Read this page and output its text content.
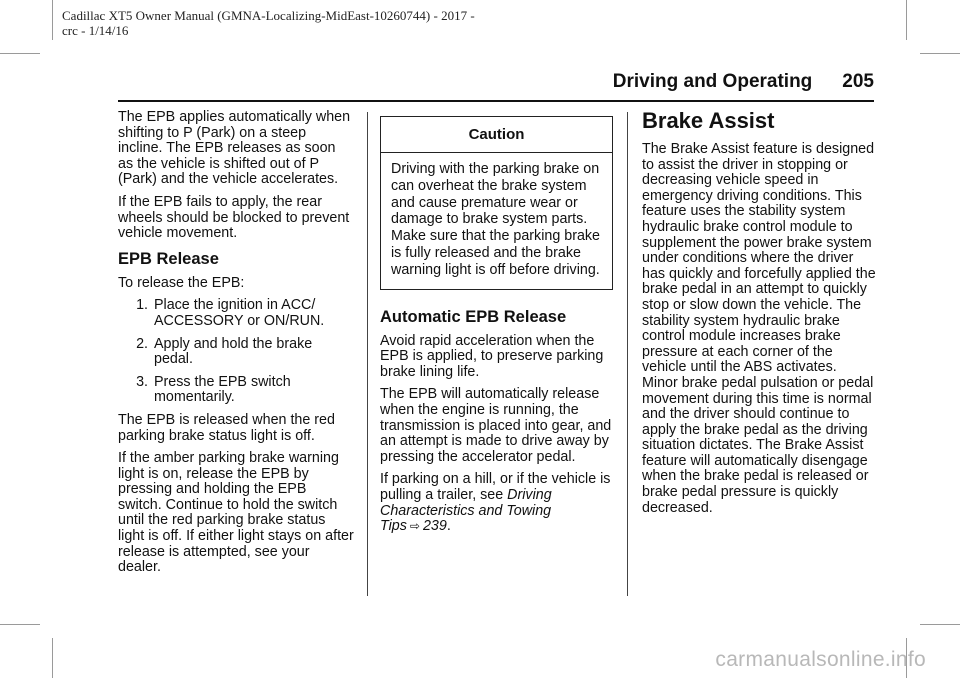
Cadillac XT5 Owner Manual (GMNA-Localizing-MidEast-10260744) - 2017 -
crc - 1/14/16
Driving and Operating 205

The EPB applies automatically when shifting to P (Park) on a steep incline. The EPB releases as soon as the vehicle is shifted out of P (Park) and the vehicle accelerates.

If the EPB fails to apply, the rear wheels should be blocked to prevent vehicle movement.

EPB Release

To release the EPB:

1. Place the ignition in ACC/ ACCESSORY or ON/RUN.
2. Apply and hold the brake pedal.
3. Press the EPB switch momentarily.

The EPB is released when the red parking brake status light is off.

If the amber parking brake warning light is on, release the EPB by pressing and holding the EPB switch. Continue to hold the switch until the red parking brake status light is off. If either light stays on after release is attempted, see your dealer.

Caution
Driving with the parking brake on can overheat the brake system and cause premature wear or damage to brake system parts. Make sure that the parking brake is fully released and the brake warning light is off before driving.
Automatic EPB Release

Avoid rapid acceleration when the EPB is applied, to preserve parking brake lining life.

The EPB will automatically release when the engine is running, the transmission is placed into gear, and an attempt is made to drive away by pressing the accelerator pedal.

If parking on a hill, or if the vehicle is pulling a trailer, see Driving Characteristics and Towing Tips ⇨ 239.

Brake Assist

The Brake Assist feature is designed to assist the driver in stopping or decreasing vehicle speed in emergency driving conditions. This feature uses the stability system hydraulic brake control module to supplement the power brake system under conditions where the driver has quickly and forcefully applied the brake pedal in an attempt to quickly stop or slow down the vehicle. The stability system hydraulic brake control module increases brake pressure at each corner of the vehicle until the ABS activates. Minor brake pedal pulsation or pedal movement during this time is normal and the driver should continue to apply the brake pedal as the driving situation dictates. The Brake Assist feature will automatically disengage when the brake pedal is released or brake pedal pressure is quickly decreased.

carmanualsonline.info
